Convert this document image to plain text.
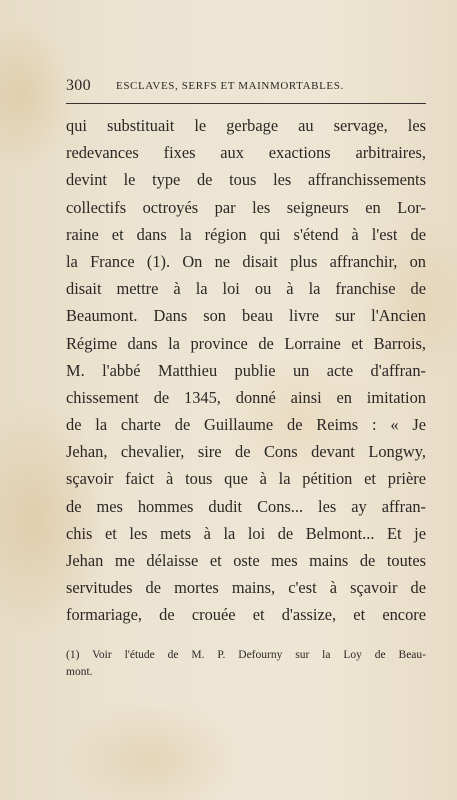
300 ESCLAVES, SERFS ET MAINMORTABLES.
qui substituait le gerbage au servage, les
redevances fixes aux exactions arbitraires,
devint le type de tous les affranchissements
collectifs octroyés par les seigneurs en Lor-
raine et dans la région qui s'étend à l'est de
la France (1). On ne disait plus affranchir, on
disait mettre à la loi ou à la franchise de
Beaumont. Dans son beau livre sur l'Ancien
Régime dans la province de Lorraine et Barrois,
M. l'abbé Matthieu publie un acte d'affran-
chissement de 1345, donné ainsi en imitation
de la charte de Guillaume de Reims : « Je
Jehan, chevalier, sire de Cons devant Longwy,
sçavoir faict à tous que à la pétition et prière
de mes hommes dudit Cons... les ay affran-
chis et les mets à la loi de Belmont... Et je
Jehan me délaisse et oste mes mains de toutes
servitudes de mortes mains, c'est à sçavoir de
formariage, de crouée et d'assize, et encore
(1) Voir l'étude de M. P. Defourny sur la Loy de Beau-
mont.
